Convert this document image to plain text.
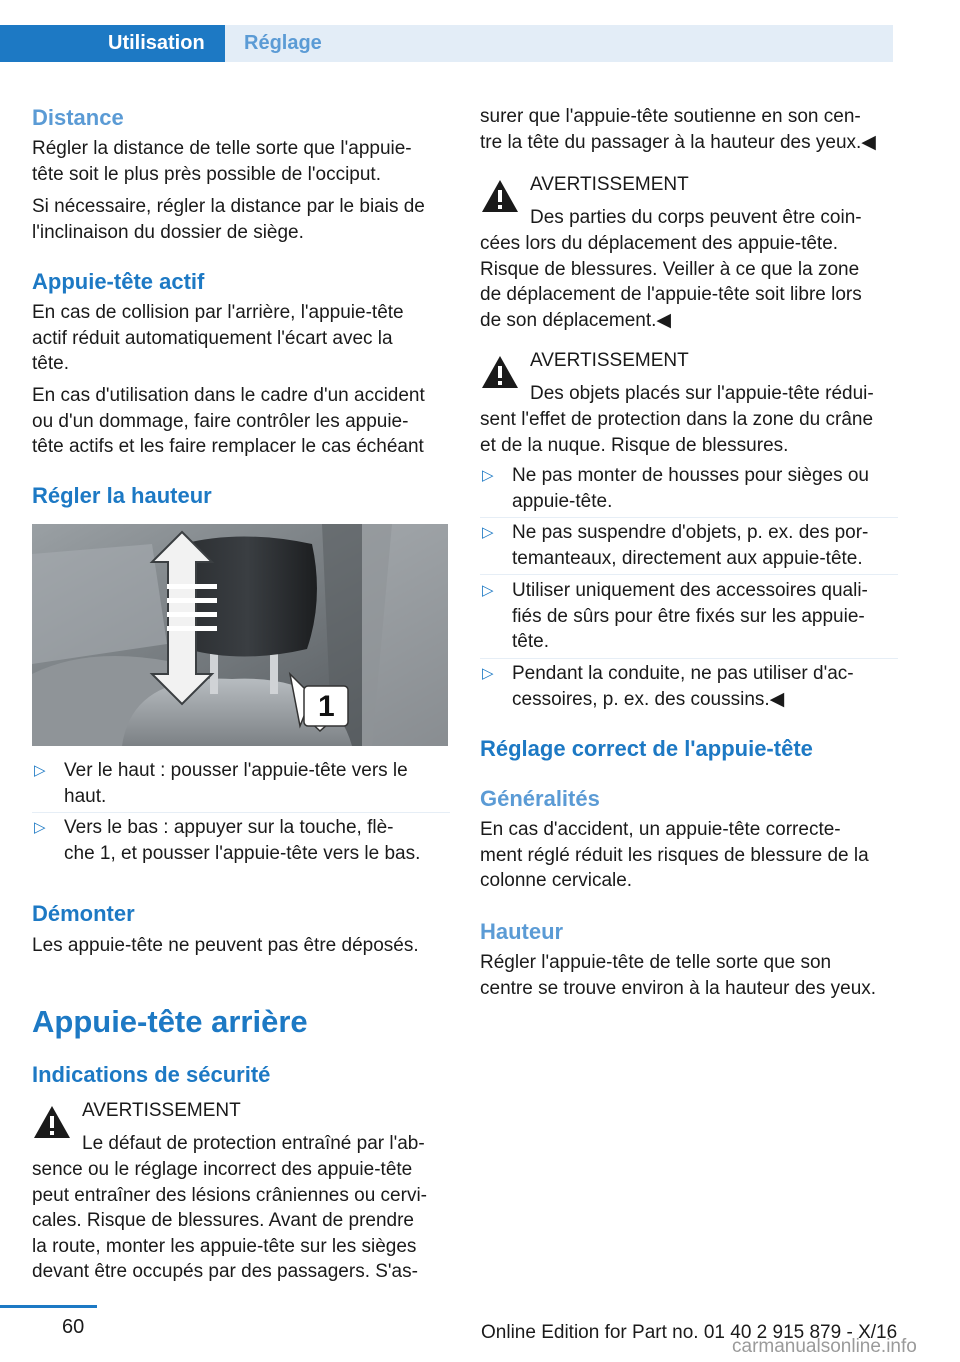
Utilisation	Réglage
Distance
Régler la distance de telle sorte que l'appuie-
tête soit le plus près possible de l'occiput.
Si nécessaire, régler la distance par le biais de
l'inclinaison du dossier de siège.
Appuie-tête actif
En cas de collision par l'arrière, l'appuie-tête
actif réduit automatiquement l'écart avec la
tête.
En cas d'utilisation dans le cadre d'un accident
ou d'un dommage, faire contrôler les appuie-
tête actifs et les faire remplacer le cas échéant
Régler la hauteur
1
▷ Ver le haut : pousser l'appuie-tête vers le
haut.
▷ Vers le bas : appuyer sur la touche, flè-
che 1, et pousser l'appuie-tête vers le bas.
Démonter
Les appuie-tête ne peuvent pas être déposés.
Appuie-tête arrière
Indications de sécurité
AVERTISSEMENT
Le défaut de protection entraîné par l'ab-
sence ou le réglage incorrect des appuie-tête
peut entraîner des lésions crâniennes ou cervi-
cales. Risque de blessures. Avant de prendre
la route, monter les appuie-tête sur les sièges
devant être occupés par des passagers. S'as-
surer que l'appuie-tête soutienne en son cen-
tre la tête du passager à la hauteur des yeux.◀
AVERTISSEMENT
Des parties du corps peuvent être coin-
cées lors du déplacement des appuie-tête.
Risque de blessures. Veiller à ce que la zone
de déplacement de l'appuie-tête soit libre lors
de son déplacement.◀
AVERTISSEMENT
Des objets placés sur l'appuie-tête rédui-
sent l'effet de protection dans la zone du crâne
et de la nuque. Risque de blessures.
▷ Ne pas monter de housses pour sièges ou
appuie-tête.
▷ Ne pas suspendre d'objets, p. ex. des por-
temanteaux, directement aux appuie-tête.
▷ Utiliser uniquement des accessoires quali-
fiés de sûrs pour être fixés sur les appuie-
tête.
▷ Pendant la conduite, ne pas utiliser d'ac-
cessoires, p. ex. des coussins.◀
Réglage correct de l'appuie-tête
Généralités
En cas d'accident, un appuie-tête correcte-
ment réglé réduit les risques de blessure de la
colonne cervicale.
Hauteur
Régler l'appuie-tête de telle sorte que son
centre se trouve environ à la hauteur des yeux.
60	Online Edition for Part no. 01 40 2 915 879 - X/16
carmanualsonline.info
